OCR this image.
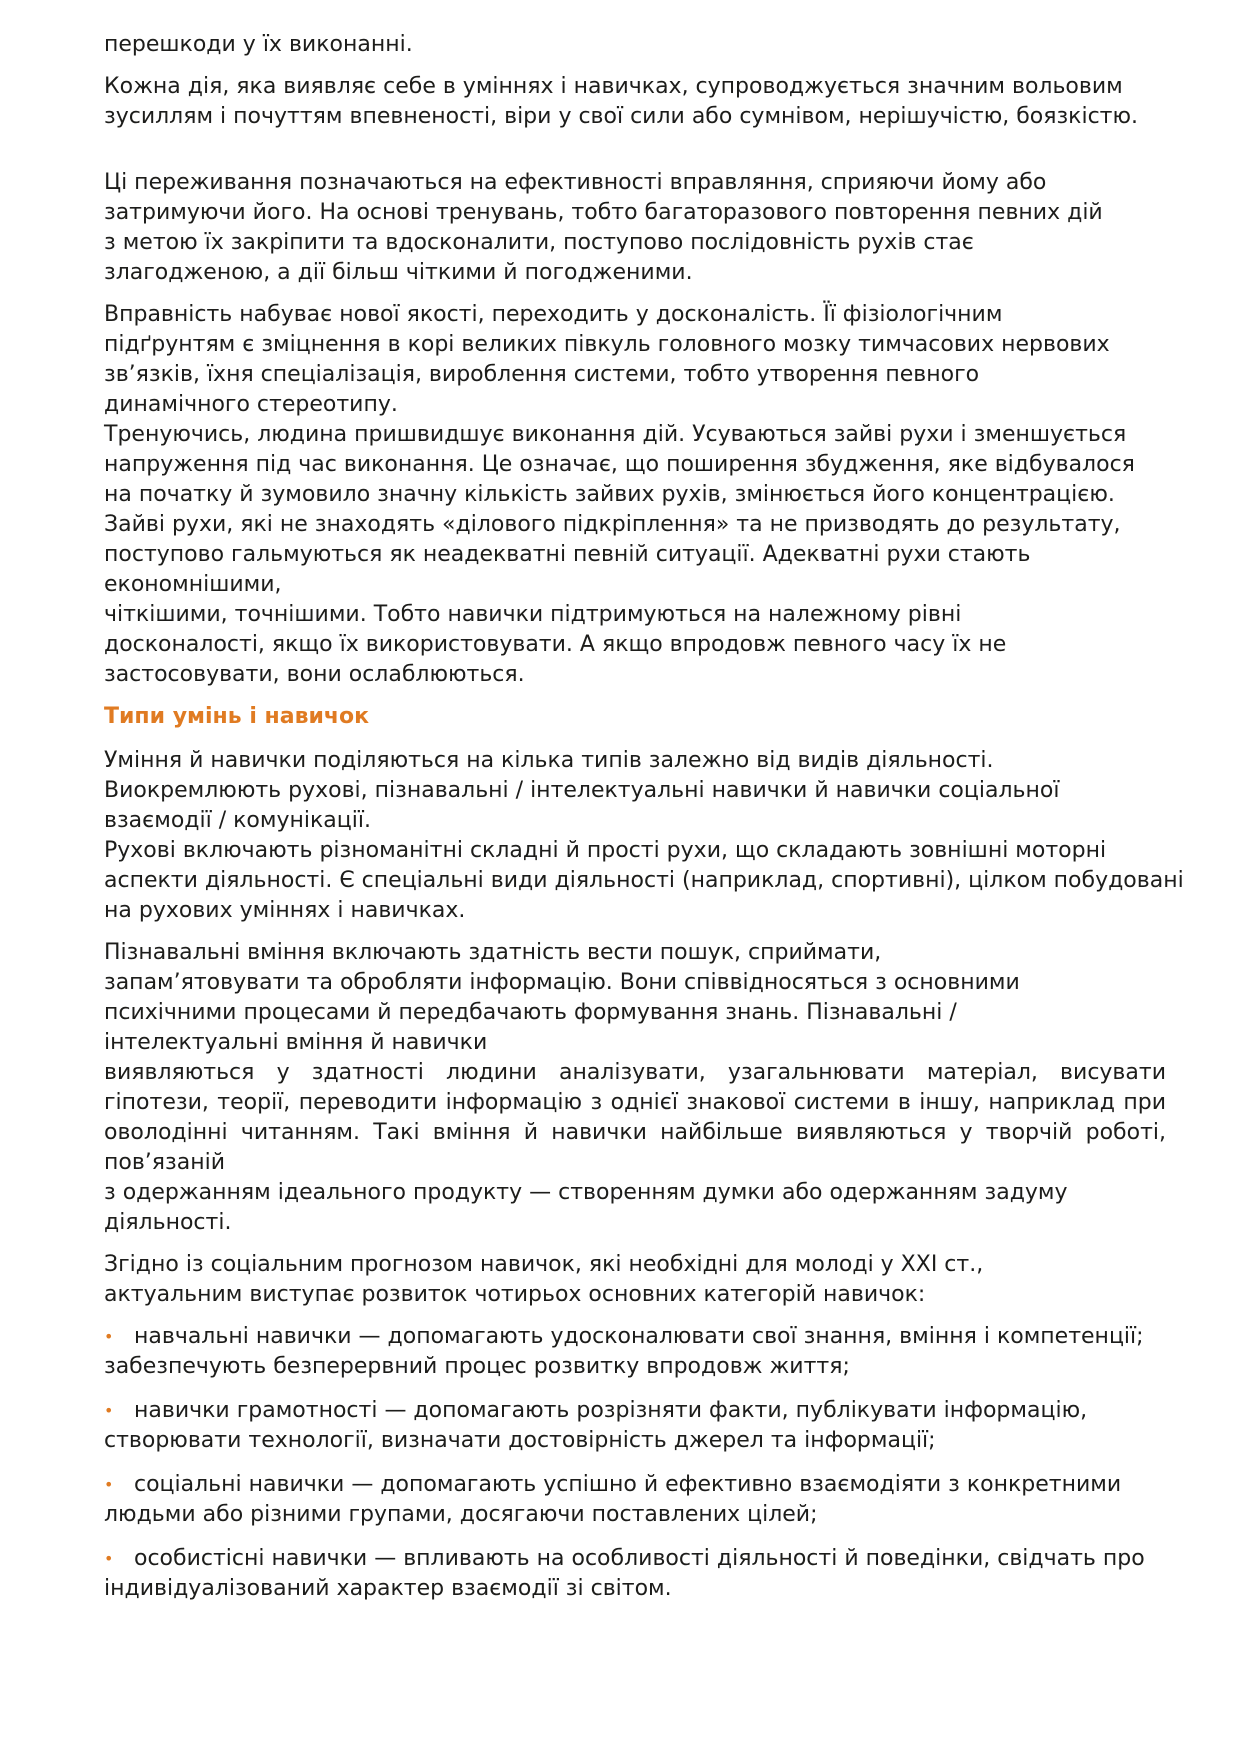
перешкоди у їх виконанні.
Кожна дія, яка виявляє себе в уміннях і навичках, супроводжується значним вольовим
зусиллям і почуттям впевненості, віри у свої сили або сумнівом, нерішучістю, боязкістю.
Ці переживання позначаються на ефективності вправляння, сприяючи йому або
затримуючи його. На основі тренувань, тобто багаторазового повторення певних дій
з метою їх закріпити та вдосконалити, поступово послідовність рухів стає
злагодженою, а дії більш чіткими й погодженими.
Вправність набуває нової якості, переходить у досконалість. Її фізіологічним
підґрунтям є зміцнення в корі великих півкуль головного мозку тимчасових нервових
зв’язків, їхня спеціалізація, вироблення системи, тобто утворення певного
динамічного стереотипу.
Тренуючись, людина пришвидшує виконання дій. Усуваються зайві рухи і зменшується
напруження під час виконання. Це означає, що поширення збудження, яке відбувалося
на початку й зумовило значну кількість зайвих рухів, змінюється його концентрацією.
Зайві рухи, які не знаходять «ділового підкріплення» та не призводять до результату,
поступово гальмуються як неадекватні певній ситуації. Адекватні рухи стають
економнішими,
чіткішими, точнішими. Тобто навички підтримуються на належному рівні
досконалості, якщо їх використовувати. А якщо впродовж певного часу їх не
застосовувати, вони ослаблюються.
Типи умінь і навичок
Уміння й навички поділяються на кілька типів залежно від видів діяльності.
Виокремлюють рухові, пізнавальні / інтелектуальні навички й навички соціальної
взаємодії / комунікації.
Рухові включають різноманітні складні й прості рухи, що складають зовнішні моторні
аспекти діяльності. Є спеціальні види діяльності (наприклад, спортивні), цілком побудовані
на рухових уміннях і навичках.
Пізнавальні вміння включають здатність вести пошук, сприймати,
запам’ятовувати та обробляти інформацію. Вони співвідносяться з основними
психічними процесами й передбачають формування знань. Пізнавальні /
інтелектуальні вміння й навички
виявляються у здатності людини аналізувати, узагальнювати матеріал, висувати
гіпотези, теорії, переводити інформацію з однієї знакової системи в іншу, наприклад при
оволодінні читанням. Такі вміння й навички найбільше виявляються у творчій роботі,
пов’язаній
з одержанням ідеального продукту — створенням думки або одержанням задуму
діяльності.
Згідно із соціальним прогнозом навичок, які необхідні для молоді у XXI ст.,
актуальним виступає розвиток чотирьох основних категорій навичок:
• навчальні навички — допомагають удосконалювати свої знання, вміння і компетенції;
забезпечують безперервний процес розвитку впродовж життя;
• навички грамотності — допомагають розрізняти факти, публікувати інформацію,
створювати технології, визначати достовірність джерел та інформації;
• соціальні навички — допомагають успішно й ефективно взаємодіяти з конкретними
людьми або різними групами, досягаючи поставлених цілей;
• особистісні навички — впливають на особливості діяльності й поведінки, свідчать про
індивідуалізований характер взаємодії зі світом.
